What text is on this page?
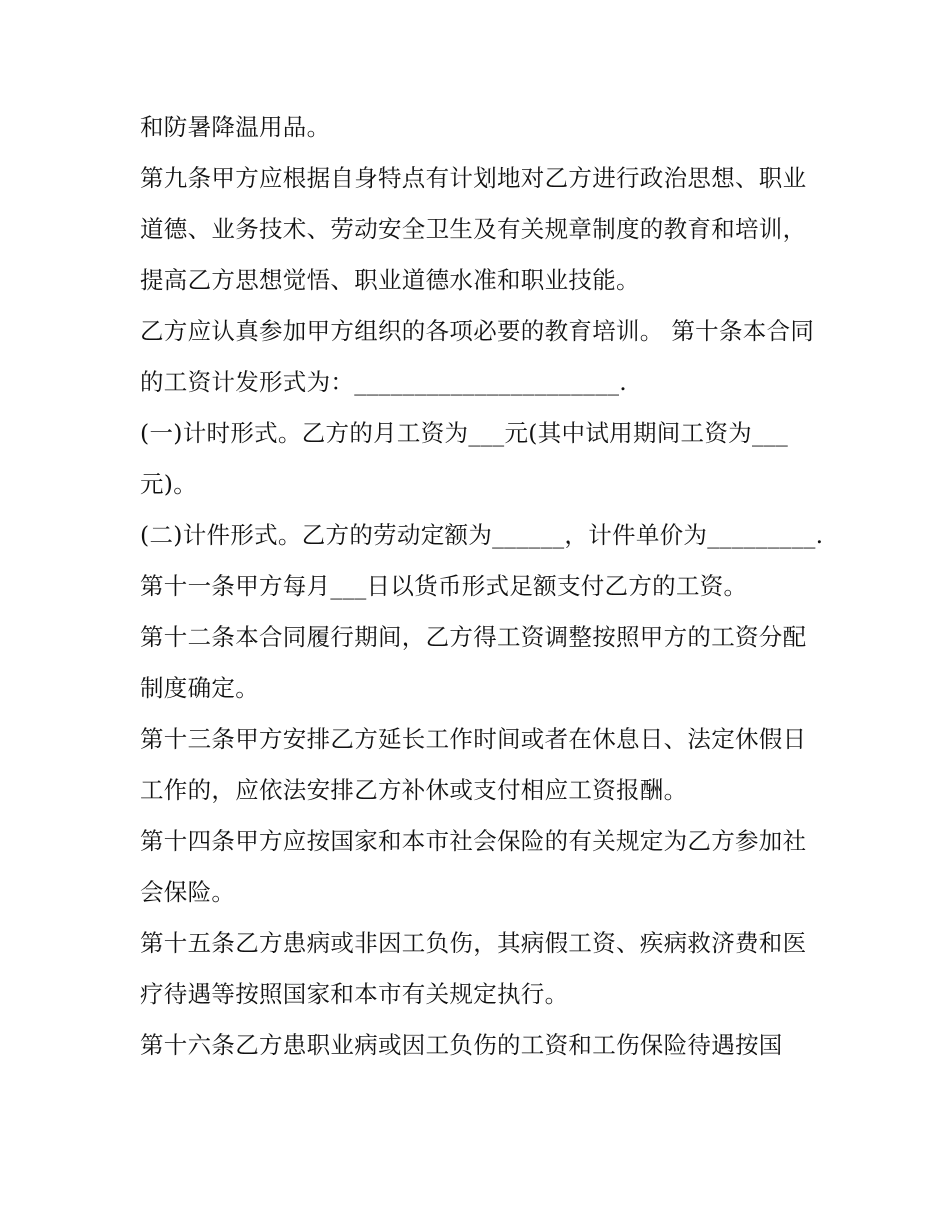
和防暑降温用品。

第九条甲方应根据自身特点有计划地对乙方进行政治思想、职业道德、业务技术、劳动安全卫生及有关规章制度的教育和培训，提高乙方思想觉悟、职业道德水准和职业技能。

乙方应认真参加甲方组织的各项必要的教育培训。 第十条本合同的工资计发形式为：______________________.

(一)计时形式。乙方的月工资为___元(其中试用期间工资为___元)。

(二)计件形式。乙方的劳动定额为______，计件单价为_________.第十一条甲方每月___日以货币形式足额支付乙方的工资。

第十二条本合同履行期间，乙方得工资调整按照甲方的工资分配制度确定。

第十三条甲方安排乙方延长工作时间或者在休息日、法定休假日工作的，应依法安排乙方补休或支付相应工资报酬。

第十四条甲方应按国家和本市社会保险的有关规定为乙方参加社会保险。

第十五条乙方患病或非因工负伤，其病假工资、疾病救济费和医疗待遇等按照国家和本市有关规定执行。

第十六条乙方患职业病或因工负伤的工资和工伤保险待遇按国
